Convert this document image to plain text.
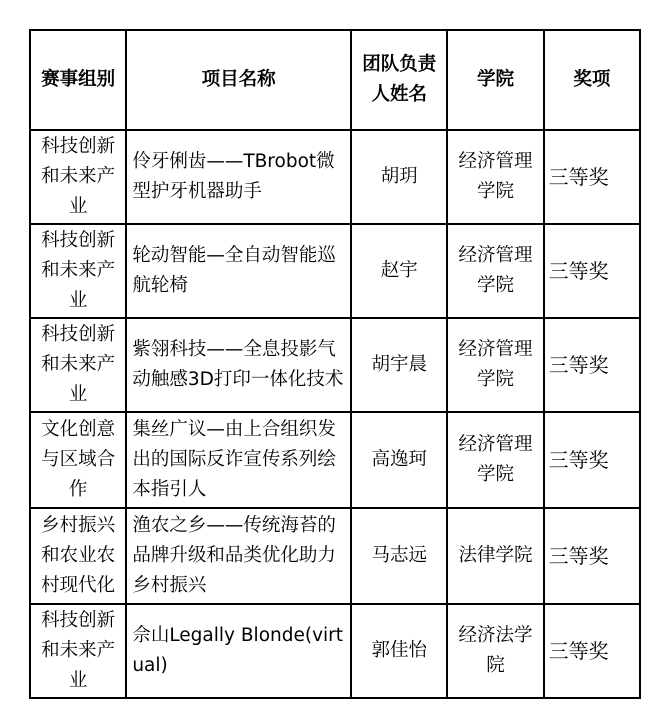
赛事组别	项目名称	团队负责人姓名	学院	奖项
科技创新和未来产业	伶牙俐齿——TBrobot微型护牙机器助手	胡玥	经济管理学院	三等奖
科技创新和未来产业	轮动智能—全自动智能巡航轮椅	赵宇	经济管理学院	三等奖
科技创新和未来产业	紫翎科技——全息投影气动触感3D打印一体化技术	胡宇晨	经济管理学院	三等奖
文化创意与区域合作	集丝广议—由上合组织发出的国际反诈宣传系列绘本指引人	高逸珂	经济管理学院	三等奖
乡村振兴和农业农村现代化	渔农之乡——传统海苔的品牌升级和品类优化助力乡村振兴	马志远	法律学院	三等奖
科技创新和未来产业	佘山Legally Blonde(virtual)	郭佳怡	经济法学院	三等奖
